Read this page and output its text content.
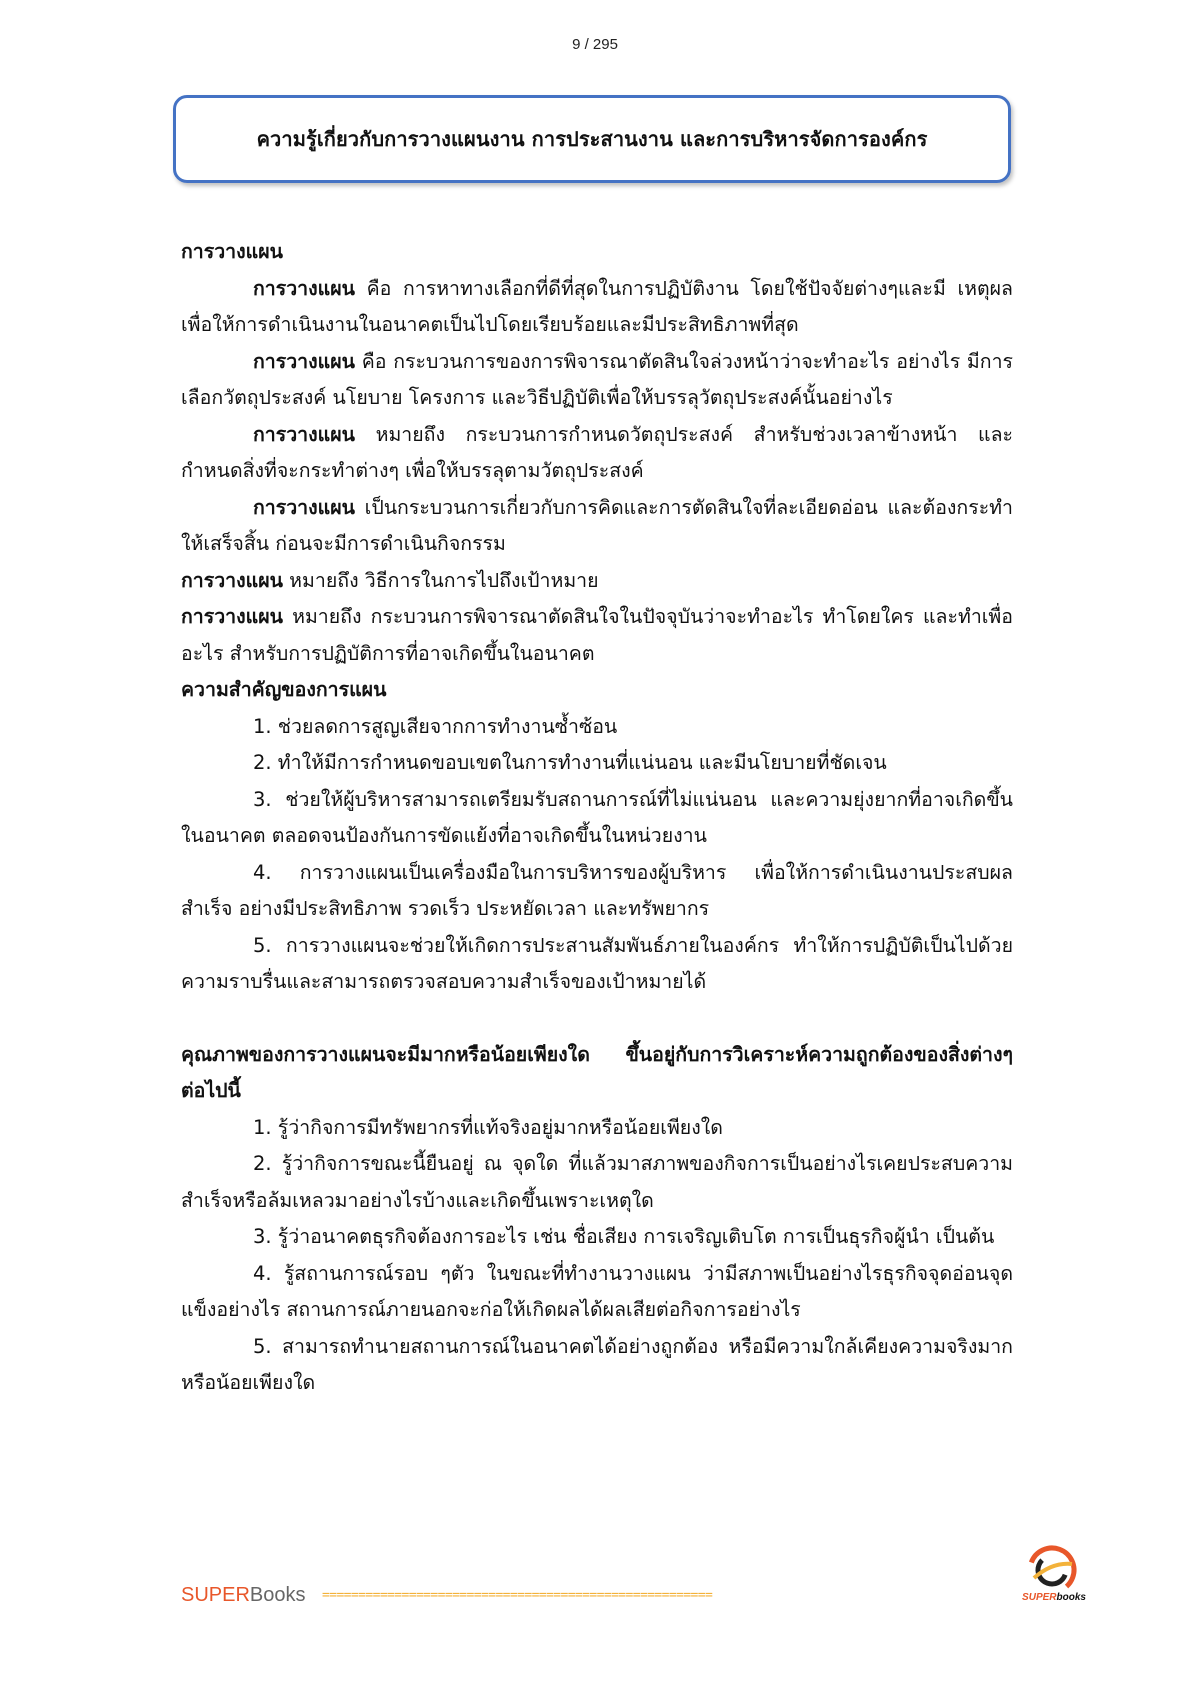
9 / 295
ความรู้เกี่ยวกับการวางแผนงาน การประสานงาน และการบริหารจัดการองค์กร

การวางแผน

การวางแผน คือ การหาทางเลือกที่ดีที่สุดในการปฏิบัติงาน โดยใช้ปัจจัยต่างๆและมี เหตุผลเพื่อให้การดำเนินงานในอนาคตเป็นไปโดยเรียบร้อยและมีประสิทธิภาพที่สุด

การวางแผน คือ กระบวนการของการพิจารณาตัดสินใจล่วงหน้าว่าจะทำอะไร อย่างไร มีการเลือกวัตถุประสงค์ นโยบาย โครงการ และวิธีปฏิบัติเพื่อให้บรรลุวัตถุประสงค์นั้นอย่างไร

การวางแผน หมายถึง กระบวนการกำหนดวัตถุประสงค์ สำหรับช่วงเวลาข้างหน้า และกำหนดสิ่งที่จะกระทำต่างๆ เพื่อให้บรรลุตามวัตถุประสงค์

การวางแผน เป็นกระบวนการเกี่ยวกับการคิดและการตัดสินใจที่ละเอียดอ่อน และต้องกระทำให้เสร็จสิ้น ก่อนจะมีการดำเนินกิจกรรม

การวางแผน หมายถึง วิธีการในการไปถึงเป้าหมาย

การวางแผน หมายถึง กระบวนการพิจารณาตัดสินใจในปัจจุบันว่าจะทำอะไร ทำโดยใคร และทำเพื่ออะไร สำหรับการปฏิบัติการที่อาจเกิดขึ้นในอนาคต

ความสำคัญของการแผน

1. ช่วยลดการสูญเสียจากการทำงานซ้ำซ้อน

2. ทำให้มีการกำหนดขอบเขตในการทำงานที่แน่นอน และมีนโยบายที่ชัดเจน

3. ช่วยให้ผู้บริหารสามารถเตรียมรับสถานการณ์ที่ไม่แน่นอน และความยุ่งยากที่อาจเกิดขึ้นในอนาคต ตลอดจนป้องกันการขัดแย้งที่อาจเกิดขึ้นในหน่วยงาน

4. การวางแผนเป็นเครื่องมือในการบริหารของผู้บริหาร เพื่อให้การดำเนินงานประสบผลสำเร็จ อย่างมีประสิทธิภาพ รวดเร็ว ประหยัดเวลา และทรัพยากร

5. การวางแผนจะช่วยให้เกิดการประสานสัมพันธ์ภายในองค์กร ทำให้การปฏิบัติเป็นไปด้วยความราบรื่นและสามารถตรวจสอบความสำเร็จของเป้าหมายได้

คุณภาพของการวางแผนจะมีมากหรือน้อยเพียงใด ขึ้นอยู่กับการวิเคราะห์ความถูกต้องของสิ่งต่างๆ ต่อไปนี้

1. รู้ว่ากิจการมีทรัพยากรที่แท้จริงอยู่มากหรือน้อยเพียงใด

2. รู้ว่ากิจการขณะนี้ยืนอยู่ ณ จุดใด ที่แล้วมาสภาพของกิจการเป็นอย่างไรเคยประสบความสำเร็จหรือล้มเหลวมาอย่างไรบ้างและเกิดขึ้นเพราะเหตุใด

3. รู้ว่าอนาคตธุรกิจต้องการอะไร เช่น ชื่อเสียง การเจริญเติบโต การเป็นธุรกิจผู้นำ เป็นต้น

4. รู้สถานการณ์รอบ ๆตัว ในขณะที่ทำงานวางแผน ว่ามีสภาพเป็นอย่างไรธุรกิจจุดอ่อนจุดแข็งอย่างไร สถานการณ์ภายนอกจะก่อให้เกิดผลได้ผลเสียต่อกิจการอย่างไร

5. สามารถทำนายสถานการณ์ในอนาคตได้อย่างถูกต้อง หรือมีความใกล้เคียงความจริงมากหรือน้อยเพียงใด

SUPERBooks ======================================================	SUPERbooks
